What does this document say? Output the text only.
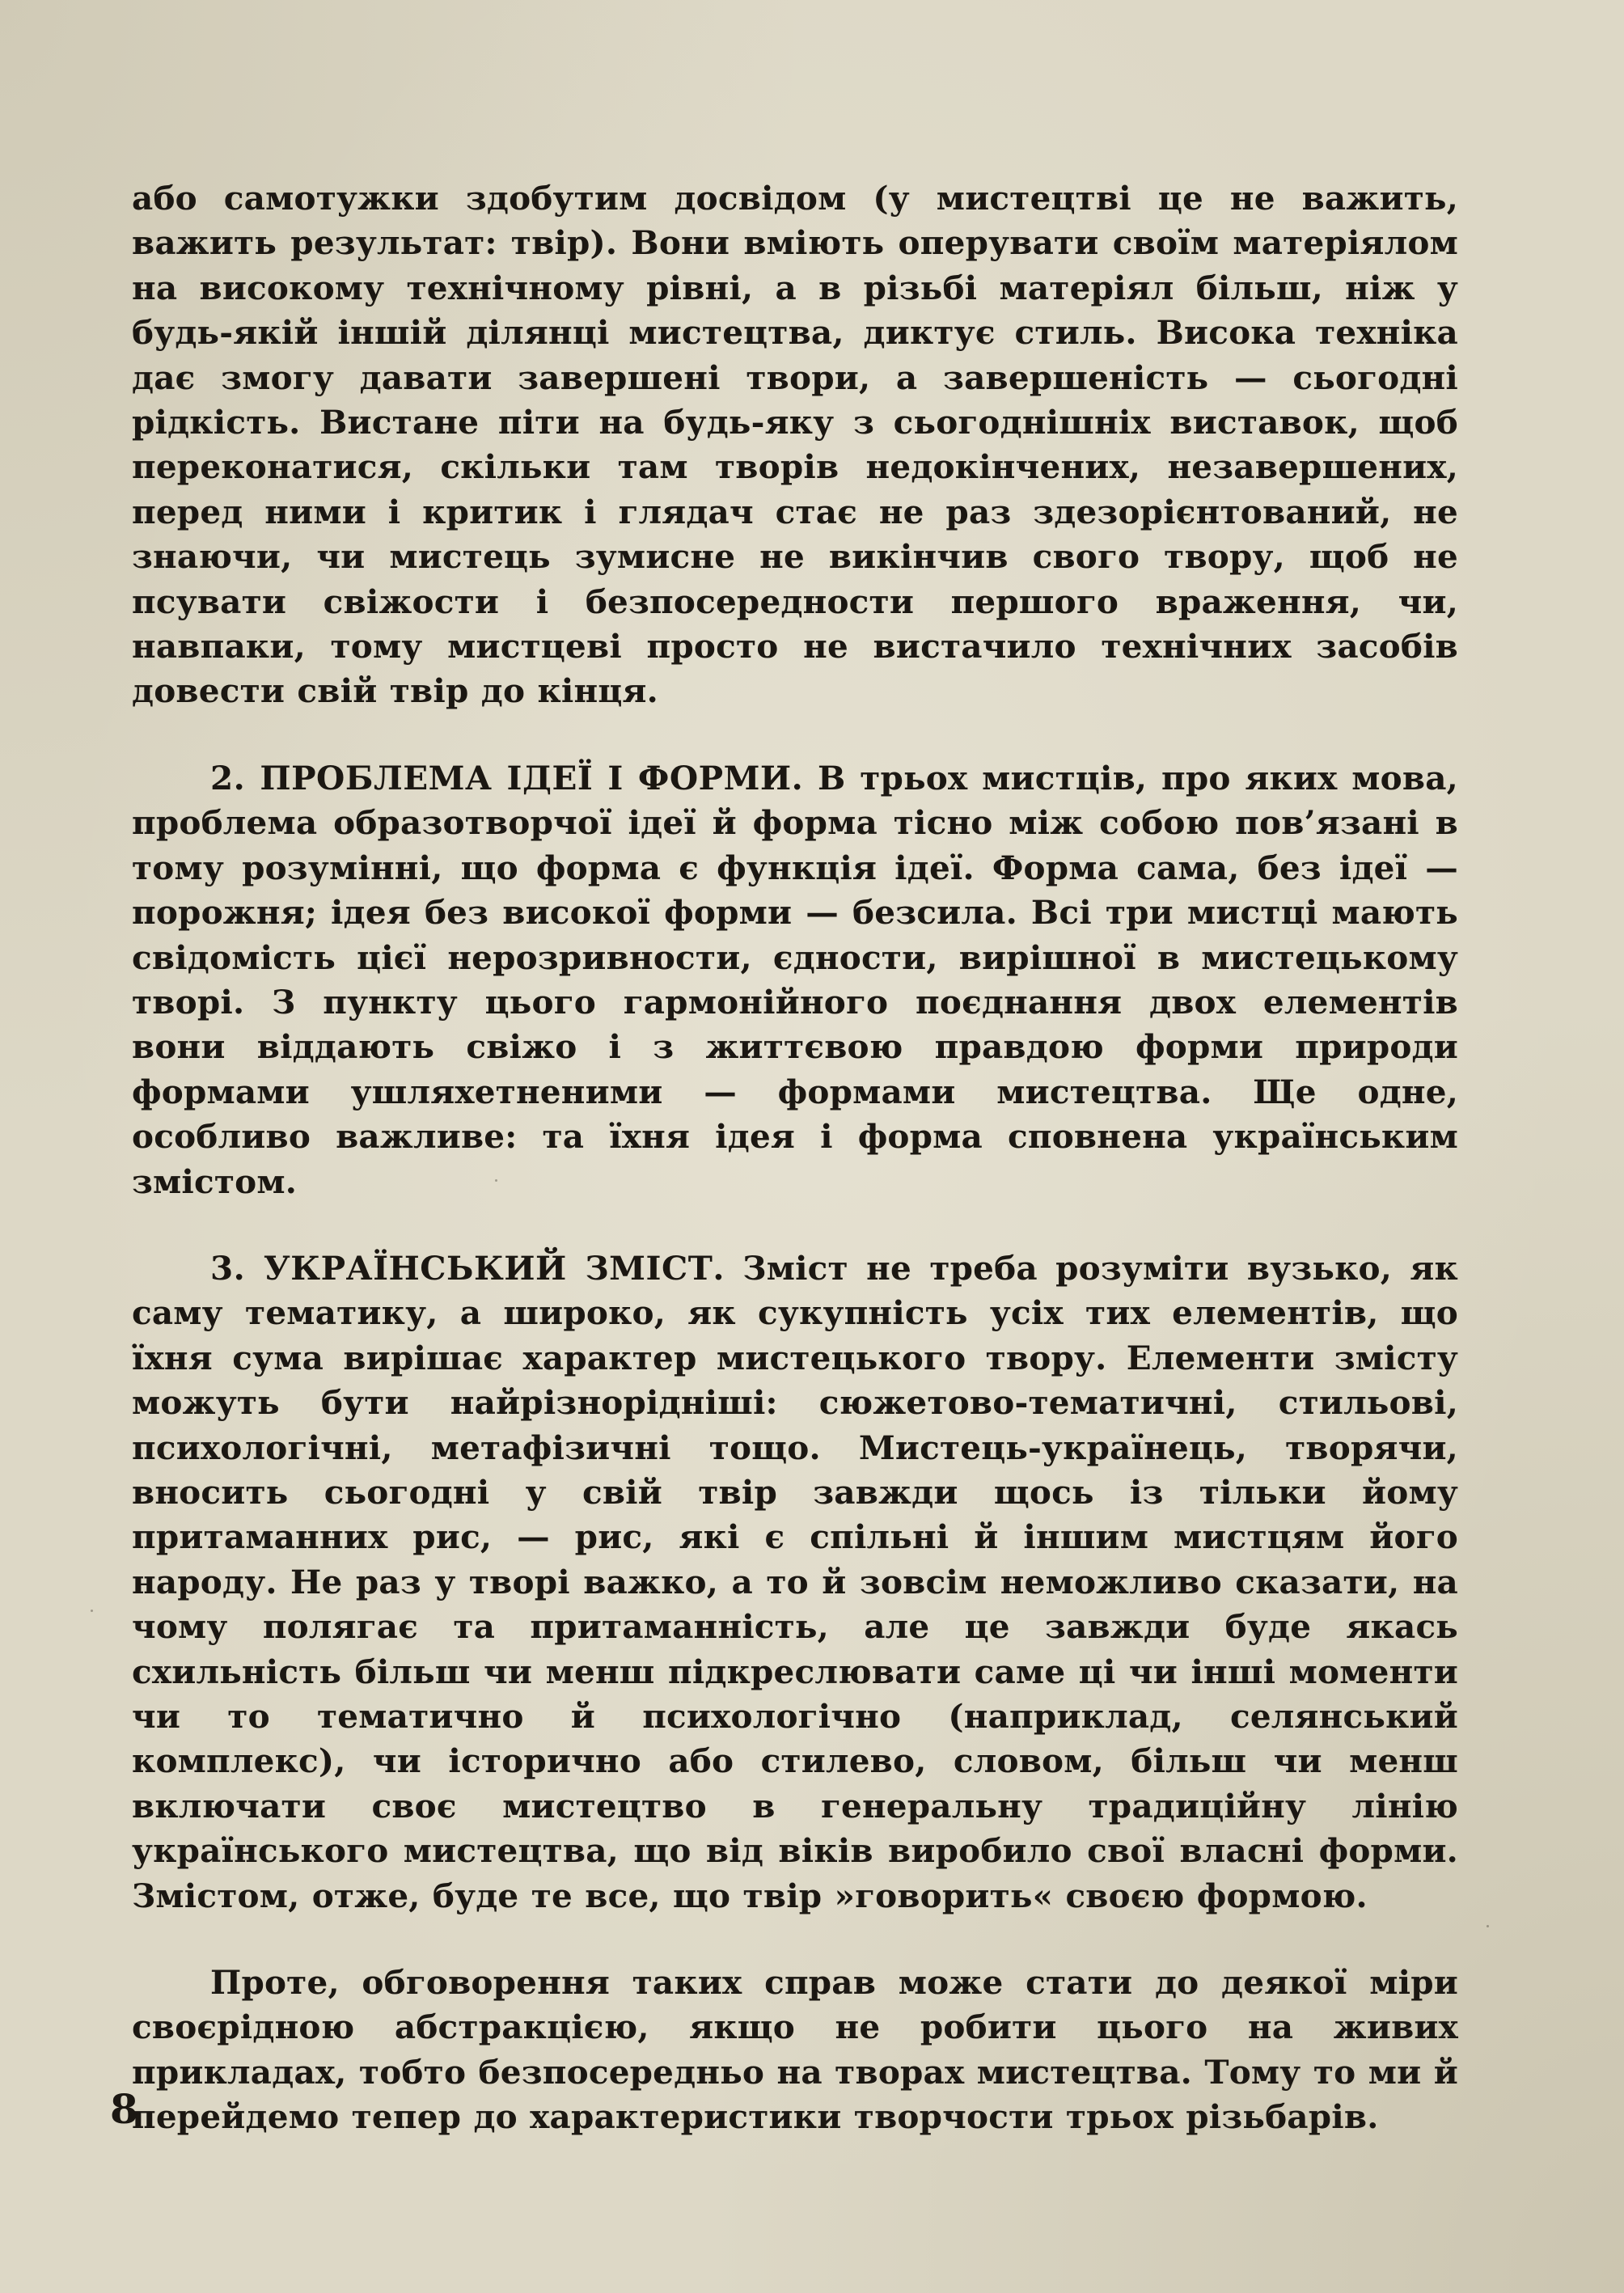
або самотужки здобутим досвідом (у мистецтві це не важить, важить результат: твір). Вони вміють оперувати своїм матеріялом на високому технічному рівні, а в різьбі матеріял більш, ніж у будь-якій іншій ділянці мистецтва, диктує стиль. Висока техніка дає змогу давати завершені твори, а завершеність — сьогодні рідкість. Вистане піти на будь-яку з сьогоднішніх виставок, щоб переконатися, скільки там творів недокінчених, незавершених, перед ними і критик і глядач стає не раз здезорієнтований, не знаючи, чи мистець зумисне не викінчив свого твору, щоб не псувати свіжости і безпосередности першого враження, чи, навпаки, тому мистцеві просто не вистачило технічних засобів довести свій твір до кінця.

2. ПРОБЛЕМА ІДЕЇ І ФОРМИ. В трьох мистців, про яких мова, проблема образотворчої ідеї й форма тісно між собою пов’язані в тому розумінні, що форма є функція ідеї. Форма сама, без ідеї — порожня; ідея без високої форми — безсила. Всі три мистці мають свідомість цієї нерозривности, єдности, вирішної в мистецькому творі. З пункту цього гармонійного поєднання двох елементів вони віддають свіжо і з життєвою правдою форми природи формами ушляхетненими — формами мистецтва. Ще одне, особливо важливе: та їхня ідея і форма сповнена українським змістом.

3. УКРАЇНСЬКИЙ ЗМІСТ. Зміст не треба розуміти вузько, як саму тематику, а широко, як сукупність усіх тих елементів, що їхня сума вирішає характер мистецького твору. Елементи змісту можуть бути найрізнорідніші: сюжетово-тематичні, стильові, психологічні, метафізичні тощо. Мистець-українець, творячи, вносить сьогодні у свій твір завжди щось із тільки йому притаманних рис, — рис, які є спільні й іншим мистцям його народу. Не раз у творі важко, а то й зовсім неможливо сказати, на чому полягає та притаманність, але це завжди буде якась схильність більш чи менш підкреслювати саме ці чи інші моменти чи то тематично й психологічно (наприклад, селянський комплекс), чи історично або стилево, словом, більш чи менш включати своє мистецтво в генеральну традиційну лінію українського мистецтва, що від віків виробило свої власні форми. Змістом, отже, буде те все, що твір »говорить« своєю формою.

Проте, обговорення таких справ може стати до деякої міри своєрідною абстракцією, якщо не робити цього на живих прикладах, тобто безпосередньо на творах мистецтва. Тому то ми й перейдемо тепер до характеристики творчости трьох різьбарів.

8
